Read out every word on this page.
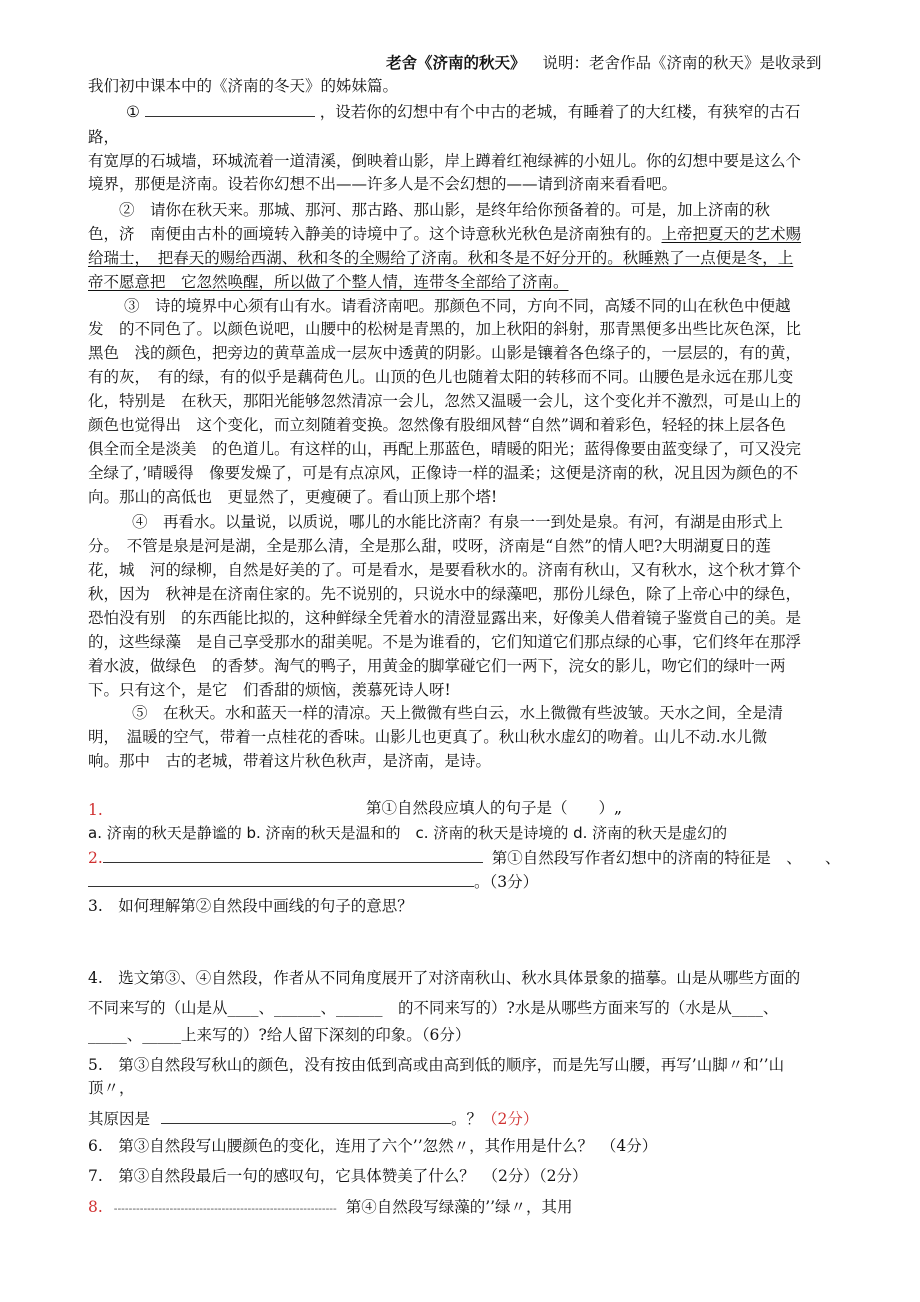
老舍《济南的秋天》 说明：老舍作品《济南的秋天》是收录到
我们初中课本中的《济南的冬天》的姊妹篇。
①	，设若你的幻想中有个中古的老城，有睡着了的大红楼，有狭窄的古石
路，
有宽厚的石城墙，环城流着一道清溪，倒映着山影，岸上蹲着红袍绿裤的小妞儿。你的幻想中要是这么个
境界，那便是济南。设若你幻想不出——许多人是不会幻想的——请到济南来看看吧。
②　请你在秋天来。那城、那河、那古路、那山影，是终年给你预备着的。可是，加上济南的秋
色，济　南便由古朴的画境转入静美的诗境中了。这个诗意秋光秋色是济南独有的。上帝把夏天的艺术赐
给瑞士，　把春天的赐给西湖、秋和冬的全赐给了济南。秋和冬是不好分开的。秋睡熟了一点便是冬，上
帝不愿意把　它忽然唤醒，所以做了个整人情，连带冬全部给了济南。
③　诗的境界中心须有山有水。请看济南吧。那颜色不同，方向不同，高矮不同的山在秋色中便越
发　的不同色了。以颜色说吧，山腰中的松树是青黑的，加上秋阳的斜射，那青黑便多出些比灰色深，比
黑色　浅的颜色，把旁边的黄草盖成一层灰中透黄的阴影。山影是镶着各色绦子的，一层层的，有的黄，
有的灰，　有的绿，有的似乎是藕荷色儿。山顶的色儿也随着太阳的转移而不同。山腰色是永远在那儿变
化，特别是　在秋天，那阳光能够忽然清凉一会儿，忽然又温暖一会儿，这个变化并不激烈，可是山上的
颜色也觉得出　这个变化，而立刻随着变换。忽然像有股细风替“自然”调和着彩色，轻轻的抹上层各色
俱全而全是淡美　的色道儿。有这样的山，再配上那蓝色，晴暖的阳光；蓝得像要由蓝变绿了，可又没完
全绿了，’晴暖得　像要发燥了，可是有点凉风，正像诗一样的温柔；这便是济南的秋，况且因为颜色的不
向。那山的高低也　更显然了，更瘦硬了。看山顶上那个塔!
④　再看水。以量说，以质说，哪儿的水能比济南？有泉一一到处是泉。有河，有湖是由形式上
分。　不管是泉是河是湖，全是那么清，全是那么甜，哎呀，济南是“自然”的情人吧?大明湖夏日的莲
花，城　河的绿柳，自然是好美的了。可是看水，是要看秋水的。济南有秋山，又有秋水，这个秋才算个
秋，因为　秋神是在济南住家的。先不说别的，只说水中的绿藻吧，那份儿绿色，除了上帝心中的绿色，
恐怕没有别　的东西能比拟的，这种鲜绿全凭着水的清澄显露出来，好像美人借着镜子鉴赏自己的美。是
的，这些绿藻　是自己享受那水的甜美呢。不是为谁看的，它们知道它们那点绿的心事，它们终年在那浮
着水波，做绿色　的香梦。淘气的鸭子，用黄金的脚掌碰它们一两下，浣女的影儿，吻它们的绿叶一两
下。只有这个，是它　们香甜的烦恼，羡慕死诗人呀!
⑤　在秋天。水和蓝天一样的清凉。天上微微有些白云，水上微微有些波皱。天水之间，全是清
明，　温暖的空气，带着一点桂花的香味。山影儿也更真了。秋山秋水虚幻的吻着。山儿不动.水儿微
响。那中　古的老城，带着这片秋色秋声，是济南，是诗。
1.	第①自然段应填人的句子是（　　）„
a. 济南的秋天是静谧的 b. 济南的秋天是温和的　c. 济南的秋天是诗境的 d. 济南的秋天是虚幻的
2.	第①自然段写作者幻想中的济南的特征是　、　　、
。（3分）
3.　如何理解第②自然段中画线的句子的意思？
4.　选文第③、④自然段，作者从不同角度展开了对济南秋山、秋水具体景象的描摹。山是从哪些方面的
不同来写的（山是从____、______、______　的不同来写的）?水是从哪些方面来写的（水是从____、
_____、_____上来写的）?给人留下深刻的印象。（6分）
5.　第③自然段写秋山的颜色，没有按由低到高或由高到低的顺序，而是先写山腰，再写’山脚〃和’’山
顶〃，
其原因是	。？（2分）
6.　第③自然段写山腰颜色的变化，连用了六个’’忽然〃，其作用是什么？　（4分）
7.　第③自然段最后一句的感叹句，它具体赞美了什么？　（2分）（2分）
8. ------------------------------------------------------------ 第④自然段写绿藻的’’绿〃，其用
